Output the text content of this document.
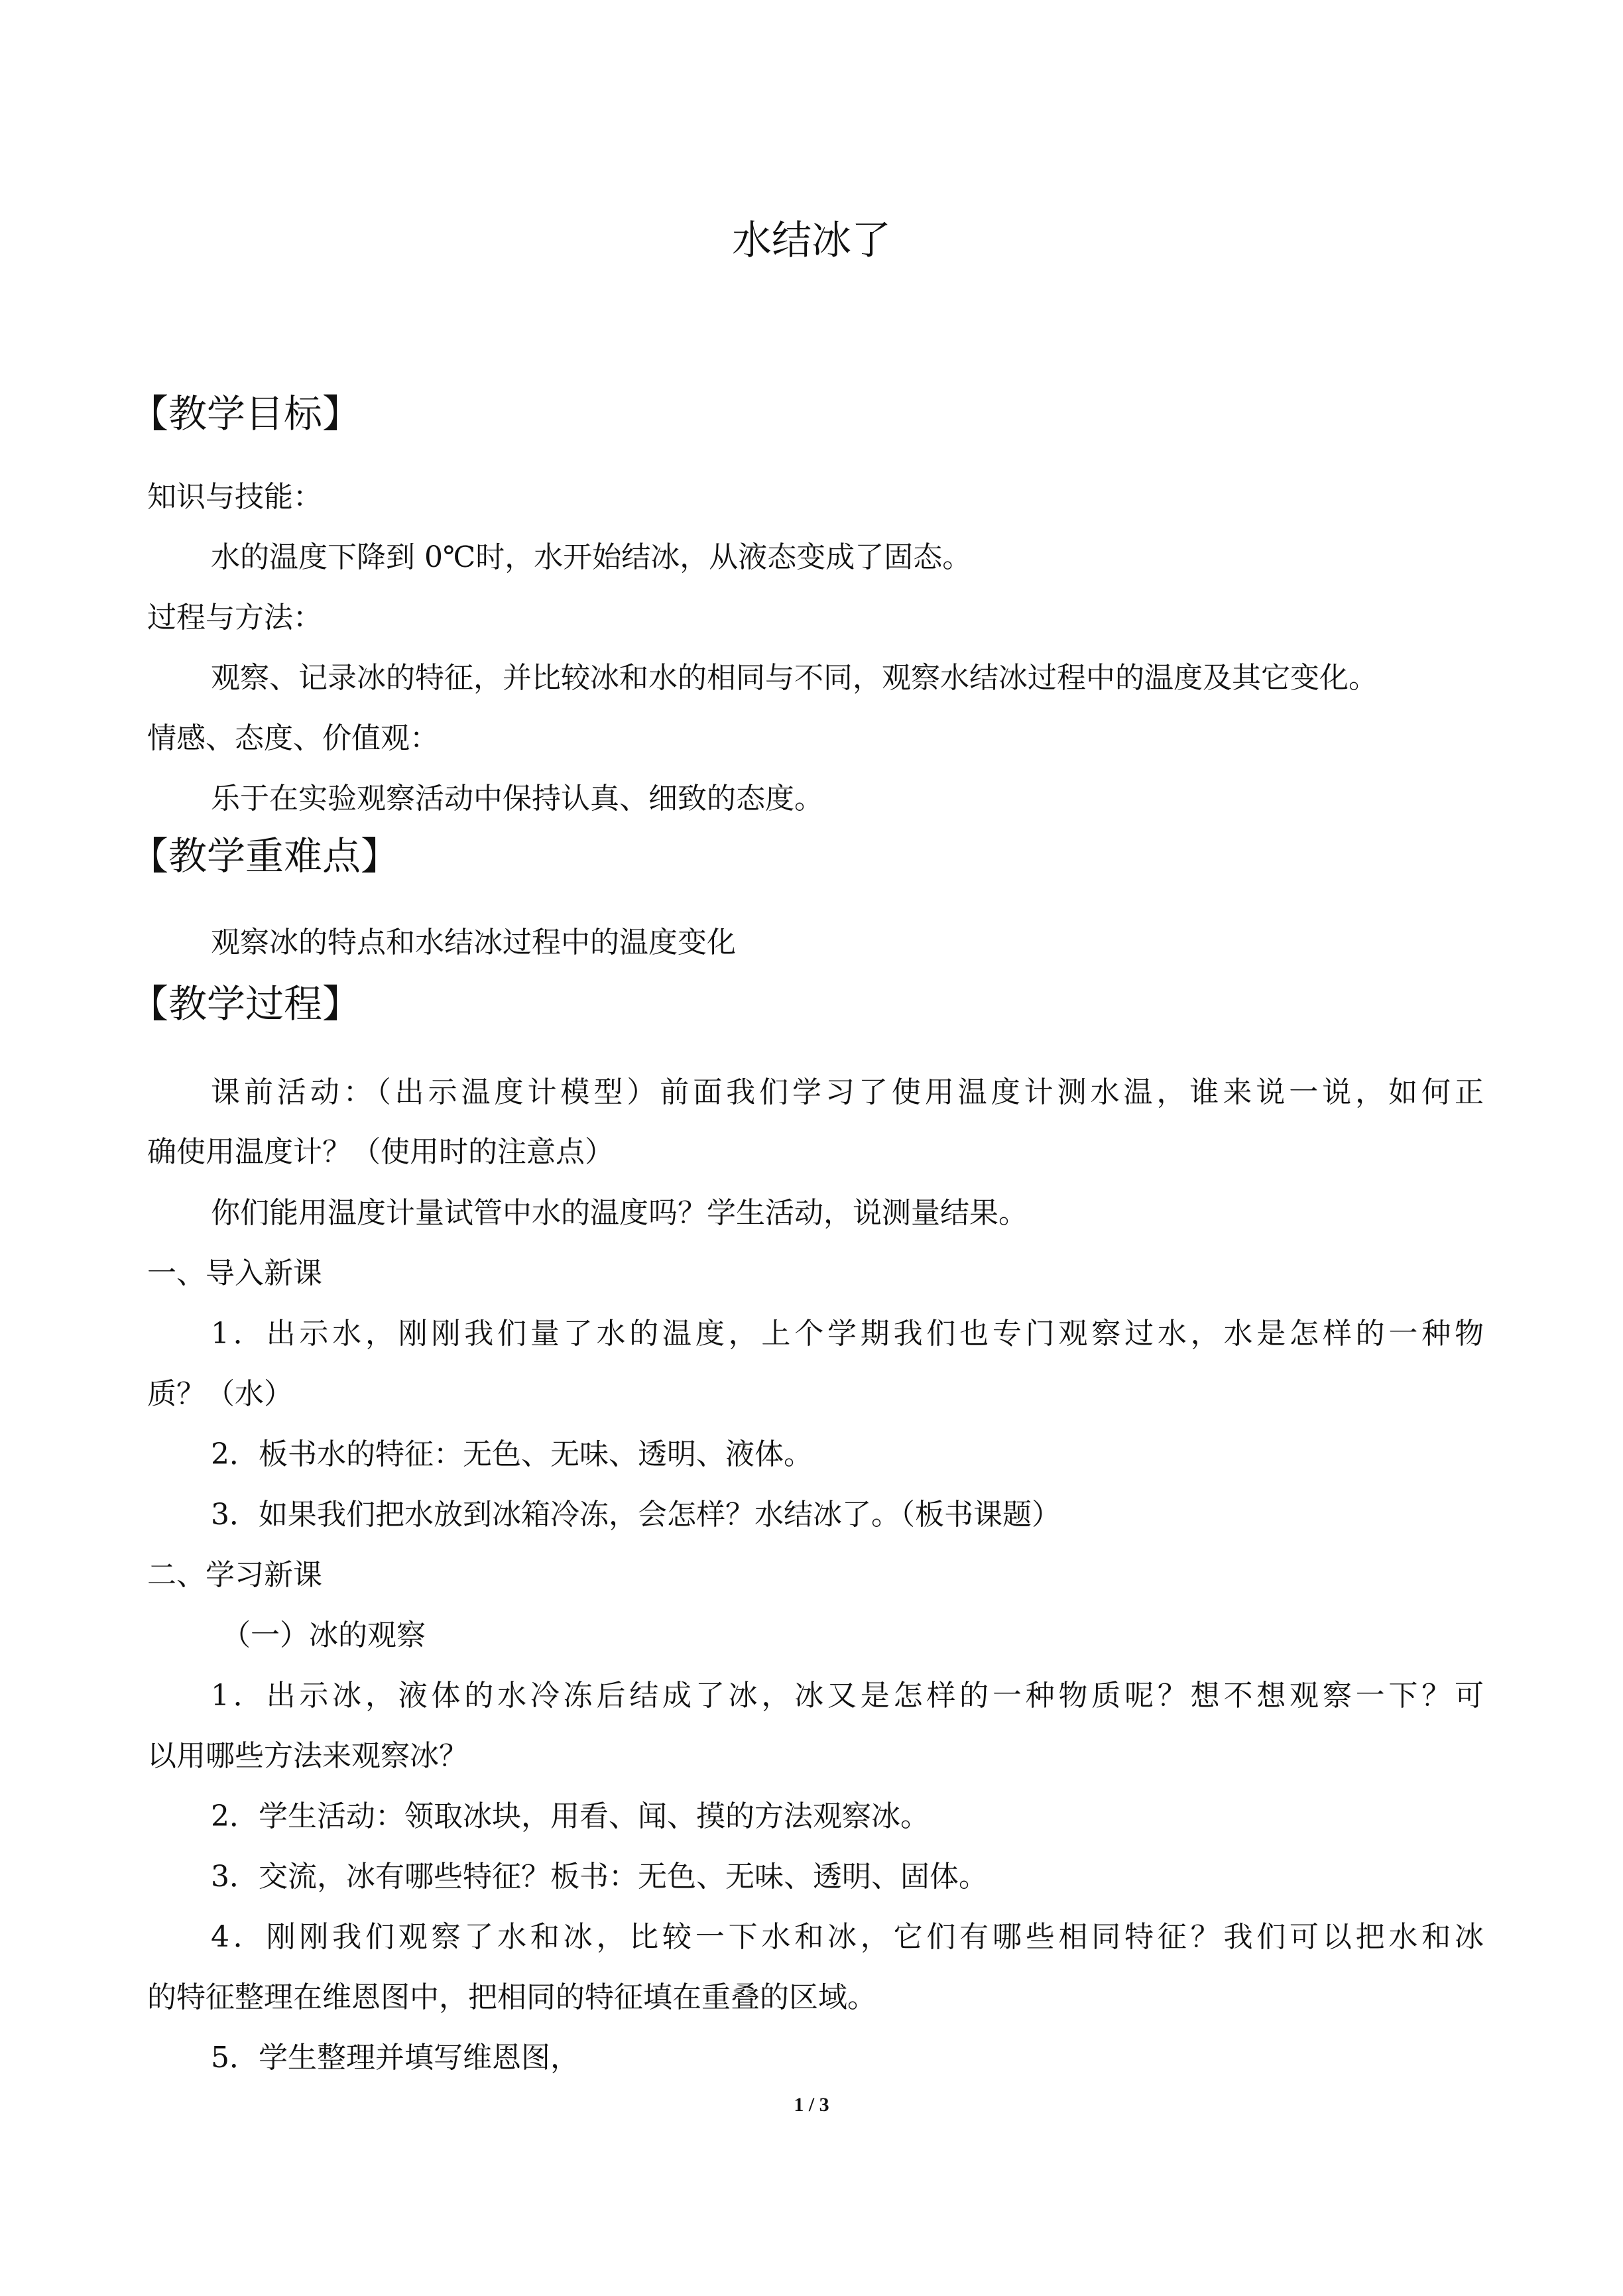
水结冰了
【教学目标】
知识与技能：
水的温度下降到 0℃时，水开始结冰，从液态变成了固态。
过程与方法：
观察、记录冰的特征，并比较冰和水的相同与不同，观察水结冰过程中的温度及其它变化。
情感、态度、价值观：
乐于在实验观察活动中保持认真、细致的态度。
【教学重难点】
观察冰的特点和水结冰过程中的温度变化
【教学过程】
课前活动：（出示温度计模型）前面我们学习了使用温度计测水温，谁来说一说，如何正
确使用温度计？（使用时的注意点）
你们能用温度计量试管中水的温度吗？学生活动，说测量结果。
一、导入新课
1．出示水，刚刚我们量了水的温度，上个学期我们也专门观察过水，水是怎样的一种物
质？（水）
2．板书水的特征：无色、无味、透明、液体。
3．如果我们把水放到冰箱冷冻，会怎样？水结冰了。（板书课题）
二、学习新课
（一）冰的观察
1．出示冰，液体的水冷冻后结成了冰，冰又是怎样的一种物质呢？想不想观察一下？可
以用哪些方法来观察冰？
2．学生活动：领取冰块，用看、闻、摸的方法观察冰。
3．交流，冰有哪些特征？板书：无色、无味、透明、固体。
4．刚刚我们观察了水和冰，比较一下水和冰，它们有哪些相同特征？我们可以把水和冰
的特征整理在维恩图中，把相同的特征填在重叠的区域。
5．学生整理并填写维恩图，
1 / 3
